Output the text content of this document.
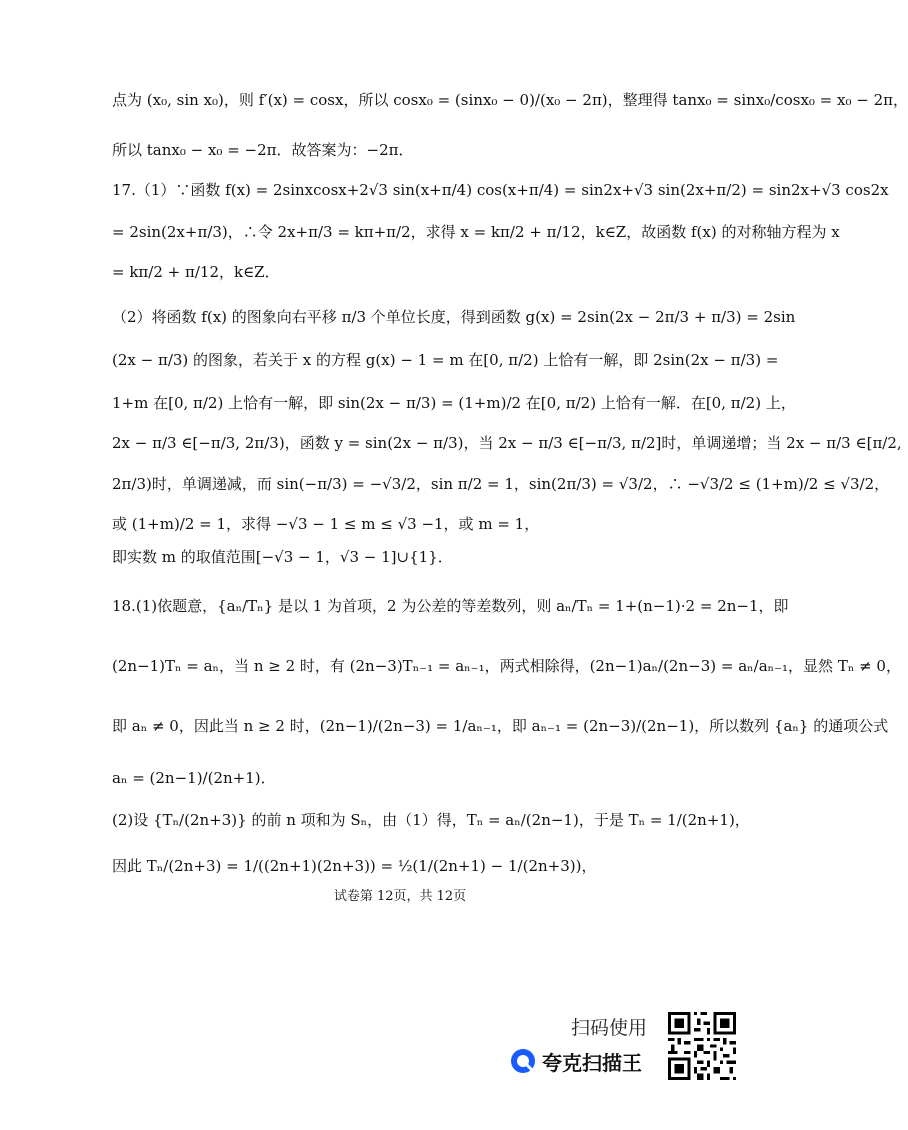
点为 (x₀, sin x₀)，则 f′(x) = cosx，所以 cosx₀ = (sinx₀ − 0)/(x₀ − 2π)，整理得 tanx₀ = sinx₀/cosx₀ = x₀ − 2π，
所以 tanx₀ − x₀ = −2π．故答案为：−2π．
17.（1）∵函数 f(x) = 2sinxcosx+2√3 sin(x+π/4) cos(x+π/4) = sin2x+√3 sin(2x+π/2) = sin2x+√3 cos2x
= 2sin(2x+π/3)，∴令 2x+π/3 = kπ+π/2，求得 x = kπ/2 + π/12，k∈Z，故函数 f(x) 的对称轴方程为 x
= kπ/2 + π/12，k∈Z．
（2）将函数 f(x) 的图象向右平移 π/3 个单位长度，得到函数 g(x) = 2sin(2x − 2π/3 + π/3) = 2sin
(2x − π/3) 的图象，若关于 x 的方程 g(x) − 1 = m 在[0, π/2) 上恰有一解，即 2sin(2x − π/3) =
1+m 在[0, π/2) 上恰有一解，即 sin(2x − π/3) = (1+m)/2 在[0, π/2) 上恰有一解．在[0, π/2) 上，
2x − π/3 ∈[−π/3, 2π/3)，函数 y = sin(2x − π/3)，当 2x − π/3 ∈[−π/3, π/2]时，单调递增；当 2x − π/3 ∈[π/2,
2π/3)时，单调递减，而 sin(−π/3) = −√3/2，sin π/2 = 1，sin(2π/3) = √3/2，∴ −√3/2 ≤ (1+m)/2 ≤ √3/2，
或 (1+m)/2 = 1，求得 −√3 − 1 ≤ m ≤ √3 −1，或 m = 1，
即实数 m 的取值范围[−√3 − 1，√3 − 1]∪{1}．
18.(1)依题意，{aₙ/Tₙ} 是以 1 为首项，2 为公差的等差数列，则 aₙ/Tₙ = 1+(n−1)·2 = 2n−1，即
(2n−1)Tₙ = aₙ，当 n ≥ 2 时，有 (2n−3)Tₙ₋₁ = aₙ₋₁，两式相除得，(2n−1)aₙ/(2n−3) = aₙ/aₙ₋₁，显然 Tₙ ≠ 0，
即 aₙ ≠ 0，因此当 n ≥ 2 时，(2n−1)/(2n−3) = 1/aₙ₋₁，即 aₙ₋₁ = (2n−3)/(2n−1)，所以数列 {aₙ} 的通项公式
aₙ = (2n−1)/(2n+1)．
(2)设 {Tₙ/(2n+3)} 的前 n 项和为 Sₙ，由（1）得，Tₙ = aₙ/(2n−1)，于是 Tₙ = 1/(2n+1)，
因此 Tₙ/(2n+3) = 1/((2n+1)(2n+3)) = ½(1/(2n+1) − 1/(2n+3))，
试卷第 12页，共 12页
扫码使用
夸克扫描王
